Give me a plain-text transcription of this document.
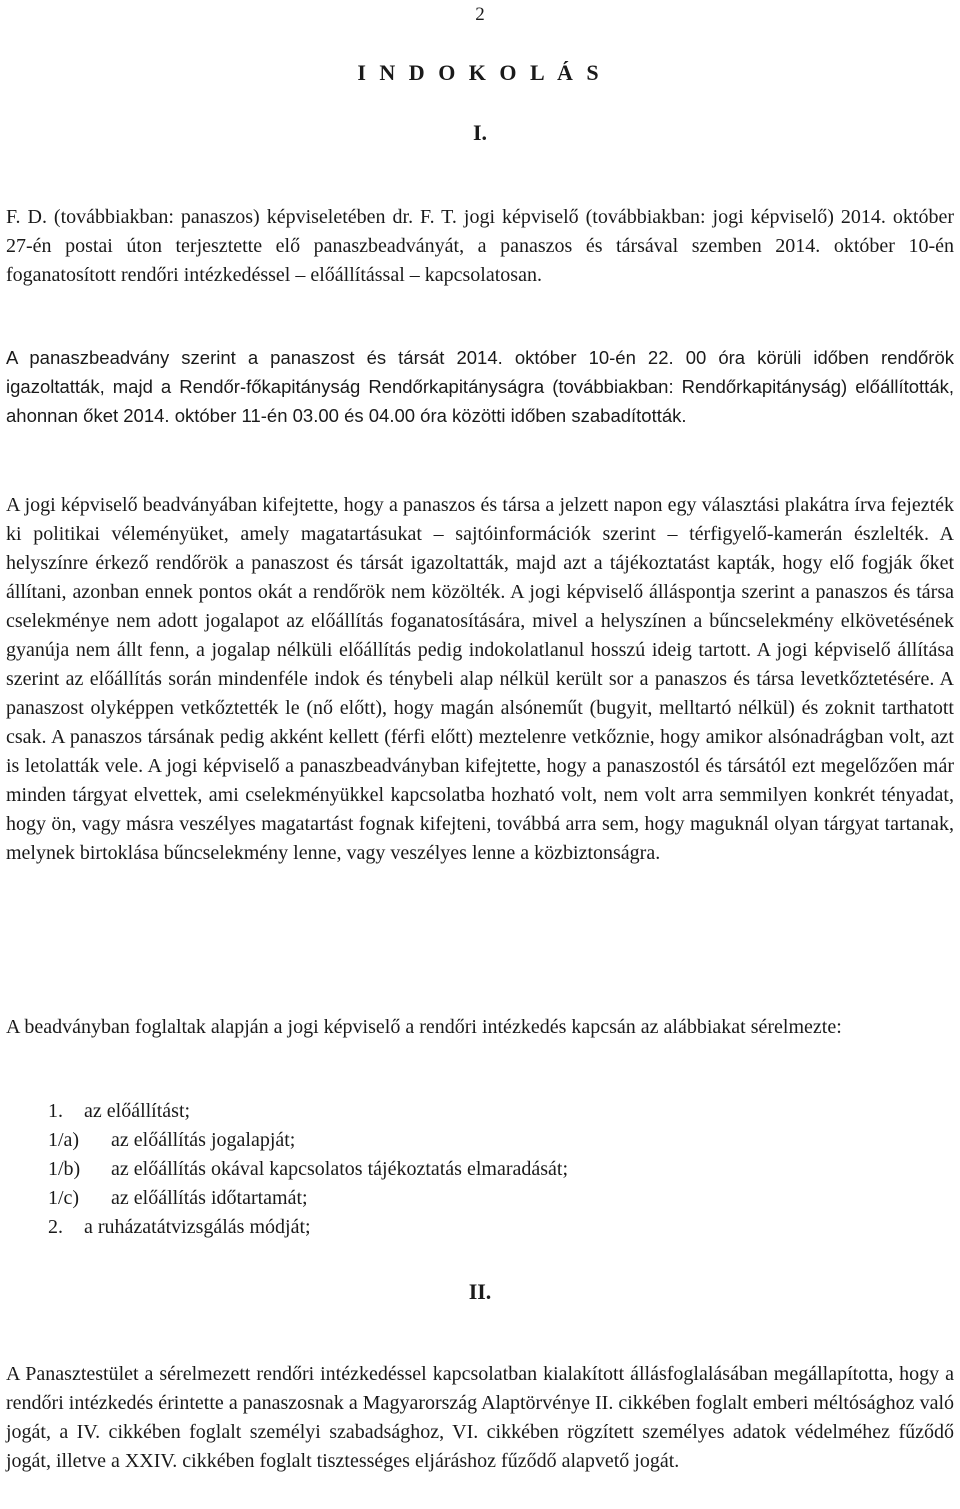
2
I N D O K O L Á S
I.

F. D. (továbbiakban: panaszos) képviseletében dr. F. T. jogi képviselő (továbbiakban: jogi képviselő) 2014. október 27-én postai úton terjesztette elő panaszbeadványát, a panaszos és társával szemben 2014. október 10-én foganatosított rendőri intézkedéssel – előállítással – kapcsolatosan.

A panaszbeadvány szerint a panaszost és társát 2014. október 10-én 22. 00 óra körüli időben rendőrök igazoltatták, majd a Rendőr-főkapitányság Rendőrkapitányságra (továbbiakban: Rendőrkapitányság) előállították, ahonnan őket 2014. október 11-én 03.00 és 04.00 óra közötti időben szabadították.

A jogi képviselő beadványában kifejtette, hogy a panaszos és társa a jelzett napon egy választási plakátra írva fejezték ki politikai véleményüket, amely magatartásukat – sajtóinformációk szerint – térfigyelő-kamerán észlelték. A helyszínre érkező rendőrök a panaszost és társát igazoltatták, majd azt a tájékoztatást kapták, hogy elő fogják őket állítani, azonban ennek pontos okát a rendőrök nem közölték. A jogi képviselő álláspontja szerint a panaszos és társa cselekménye nem adott jogalapot az előállítás foganatosítására, mivel a helyszínen a bűncselekmény elkövetésének gyanúja nem állt fenn, a jogalap nélküli előállítás pedig indokolatlanul hosszú ideig tartott. A jogi képviselő állítása szerint az előállítás során mindenféle indok és ténybeli alap nélkül került sor a panaszos és társa levetkőztetésére. A panaszost olyképpen vetkőztették le (nő előtt), hogy magán alsóneműt (bugyit, melltartó nélkül) és zoknit tarthatott csak. A panaszos társának pedig akként kellett (férfi előtt) meztelenre vetkőznie, hogy amikor alsónadrágban volt, azt is letolatták vele. A jogi képviselő a panaszbeadványban kifejtette, hogy a panaszostól és társától ezt megelőzően már minden tárgyat elvettek, ami cselekményükkel kapcsolatba hozható volt, nem volt arra semmilyen konkrét tényadat, hogy ön, vagy másra veszélyes magatartást fognak kifejteni, továbbá arra sem, hogy maguknál olyan tárgyat tartanak, melynek birtoklása bűncselekmény lenne, vagy veszélyes lenne a közbiztonságra.

A beadványban foglaltak alapján a jogi képviselő a rendőri intézkedés kapcsán az alábbiakat sérelmezte:

1. az előállítást;
1/a) az előállítás jogalapját;
1/b) az előállítás okával kapcsolatos tájékoztatás elmaradását;
1/c) az előállítás időtartamát;
2. a ruházatátvizsgálás módját;
II.

A Panasztestület a sérelmezett rendőri intézkedéssel kapcsolatban kialakított állásfoglalásában megállapította, hogy a rendőri intézkedés érintette a panaszosnak a Magyarország Alaptörvénye II. cikkében foglalt emberi méltósághoz való jogát, a IV. cikkében foglalt személyi szabadsághoz, VI. cikkében rögzített személyes adatok védelméhez fűződő jogát, illetve a XXIV. cikkében foglalt tisztességes eljáráshoz fűződő alapvető jogát.
